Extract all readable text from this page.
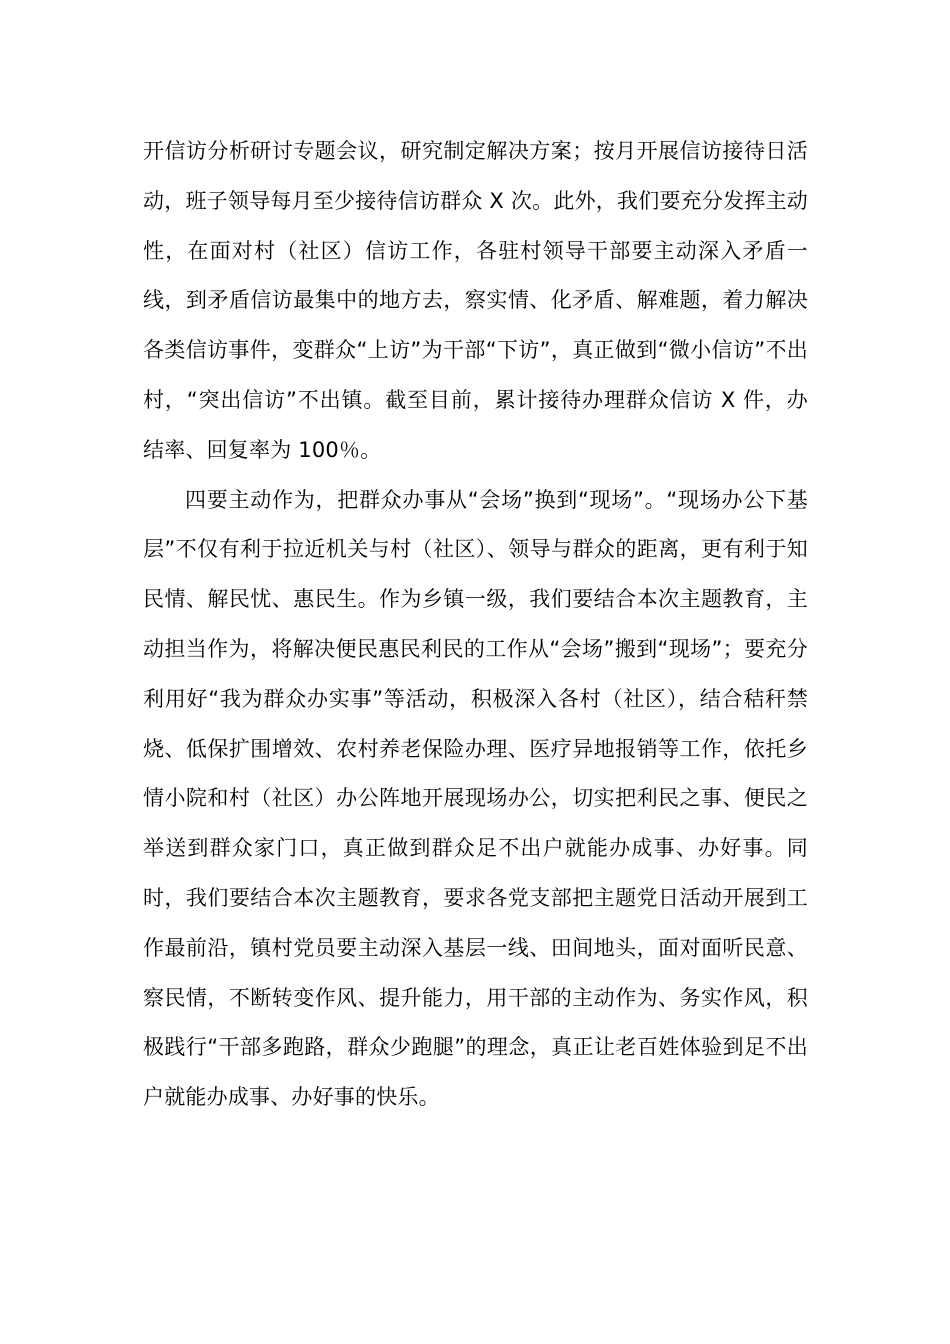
开信访分析研讨专题会议，研究制定解决方案；按月开展信访接待日活动，班子领导每月至少接待信访群众 X 次。此外，我们要充分发挥主动性，在面对村（社区）信访工作，各驻村领导干部要主动深入矛盾一线，到矛盾信访最集中的地方去，察实情、化矛盾、解难题，着力解决各类信访事件，变群众“上访”为干部“下访”，真正做到“微小信访”不出村，“突出信访”不出镇。截至目前，累计接待办理群众信访 X 件，办结率、回复率为 100％。

四要主动作为，把群众办事从“会场”换到“现场”。“现场办公下基层”不仅有利于拉近机关与村（社区）、领导与群众的距离，更有利于知民情、解民忧、惠民生。作为乡镇一级，我们要结合本次主题教育，主动担当作为，将解决便民惠民利民的工作从“会场”搬到“现场”；要充分利用好“我为群众办实事”等活动，积极深入各村（社区），结合秸秆禁烧、低保扩围增效、农村养老保险办理、医疗异地报销等工作，依托乡情小院和村（社区）办公阵地开展现场办公，切实把利民之事、便民之举送到群众家门口，真正做到群众足不出户就能办成事、办好事。同时，我们要结合本次主题教育，要求各党支部把主题党日活动开展到工作最前沿，镇村党员要主动深入基层一线、田间地头，面对面听民意、察民情，不断转变作风、提升能力，用干部的主动作为、务实作风，积极践行“干部多跑路，群众少跑腿”的理念，真正让老百姓体验到足不出户就能办成事、办好事的快乐。
